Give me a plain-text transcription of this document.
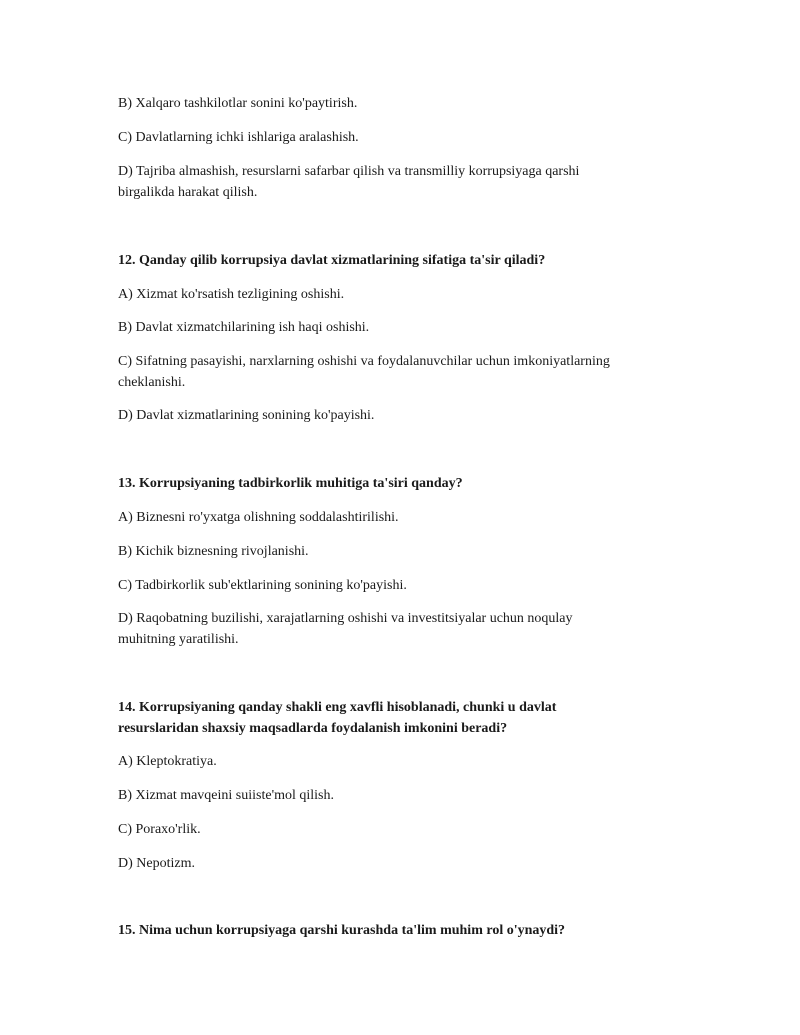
B) Xalqaro tashkilotlar sonini ko'paytirish.
C) Davlatlarning ichki ishlariga aralashish.
D) Tajriba almashish, resurslarni safarbar qilish va transmilliy korrupsiyaga qarshi
birgalikda harakat qilish.
12. Qanday qilib korrupsiya davlat xizmatlarining sifatiga ta'sir qiladi?
A) Xizmat ko'rsatish tezligining oshishi.
B) Davlat xizmatchilarining ish haqi oshishi.
C) Sifatning pasayishi, narxlarning oshishi va foydalanuvchilar uchun imkoniyatlarning
cheklanishi.
D) Davlat xizmatlarining sonining ko'payishi.
13. Korrupsiyaning tadbirkorlik muhitiga ta'siri qanday?
A) Biznesni ro'yxatga olishning soddalashtirilishi.
B) Kichik biznesning rivojlanishi.
C) Tadbirkorlik sub'ektlarining sonining ko'payishi.
D) Raqobatning buzilishi, xarajatlarning oshishi va investitsiyalar uchun noqulay
muhitning yaratilishi.
14. Korrupsiyaning qanday shakli eng xavfli hisoblanadi, chunki u davlat
resurslaridan shaxsiy maqsadlarda foydalanish imkonini beradi?
A) Kleptokratiya.
B) Xizmat mavqeini suiiste'mol qilish.
C) Poraxo'rlik.
D) Nepotizm.
15. Nima uchun korrupsiyaga qarshi kurashda ta'lim muhim rol o'ynaydi?
